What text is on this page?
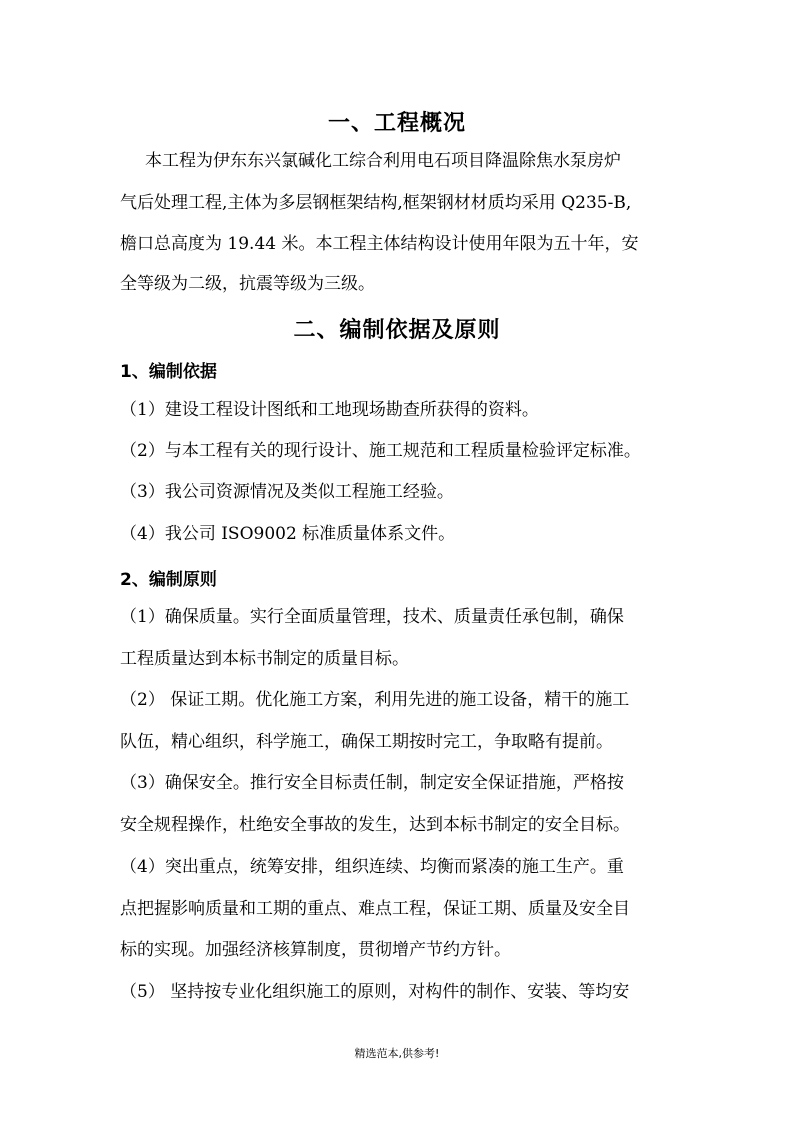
一、工程概况
本工程为伊东东兴氯碱化工综合利用电石项目降温除焦水泵房炉
气后处理工程,主体为多层钢框架结构,框架钢材材质均采用 Q235-B,
檐口总高度为 19.44 米。本工程主体结构设计使用年限为五十年，安
全等级为二级，抗震等级为三级。
二、编制依据及原则
1、编制依据
（1）建设工程设计图纸和工地现场勘查所获得的资料。
（2）与本工程有关的现行设计、施工规范和工程质量检验评定标准。
（3）我公司资源情况及类似工程施工经验。
（4）我公司 ISO9002 标准质量体系文件。
2、编制原则
（1）确保质量。实行全面质量管理，技术、质量责任承包制，确保
工程质量达到本标书制定的质量目标。
（2） 保证工期。优化施工方案，利用先进的施工设备，精干的施工
队伍，精心组织，科学施工，确保工期按时完工，争取略有提前。
（3）确保安全。推行安全目标责任制，制定安全保证措施，严格按
安全规程操作，杜绝安全事故的发生，达到本标书制定的安全目标。
（4）突出重点，统筹安排，组织连续、均衡而紧凑的施工生产。重
点把握影响质量和工期的重点、难点工程，保证工期、质量及安全目
标的实现。加强经济核算制度，贯彻增产节约方针。
（5） 坚持按专业化组织施工的原则，对构件的制作、安装、等均安
精选范本,供参考!
